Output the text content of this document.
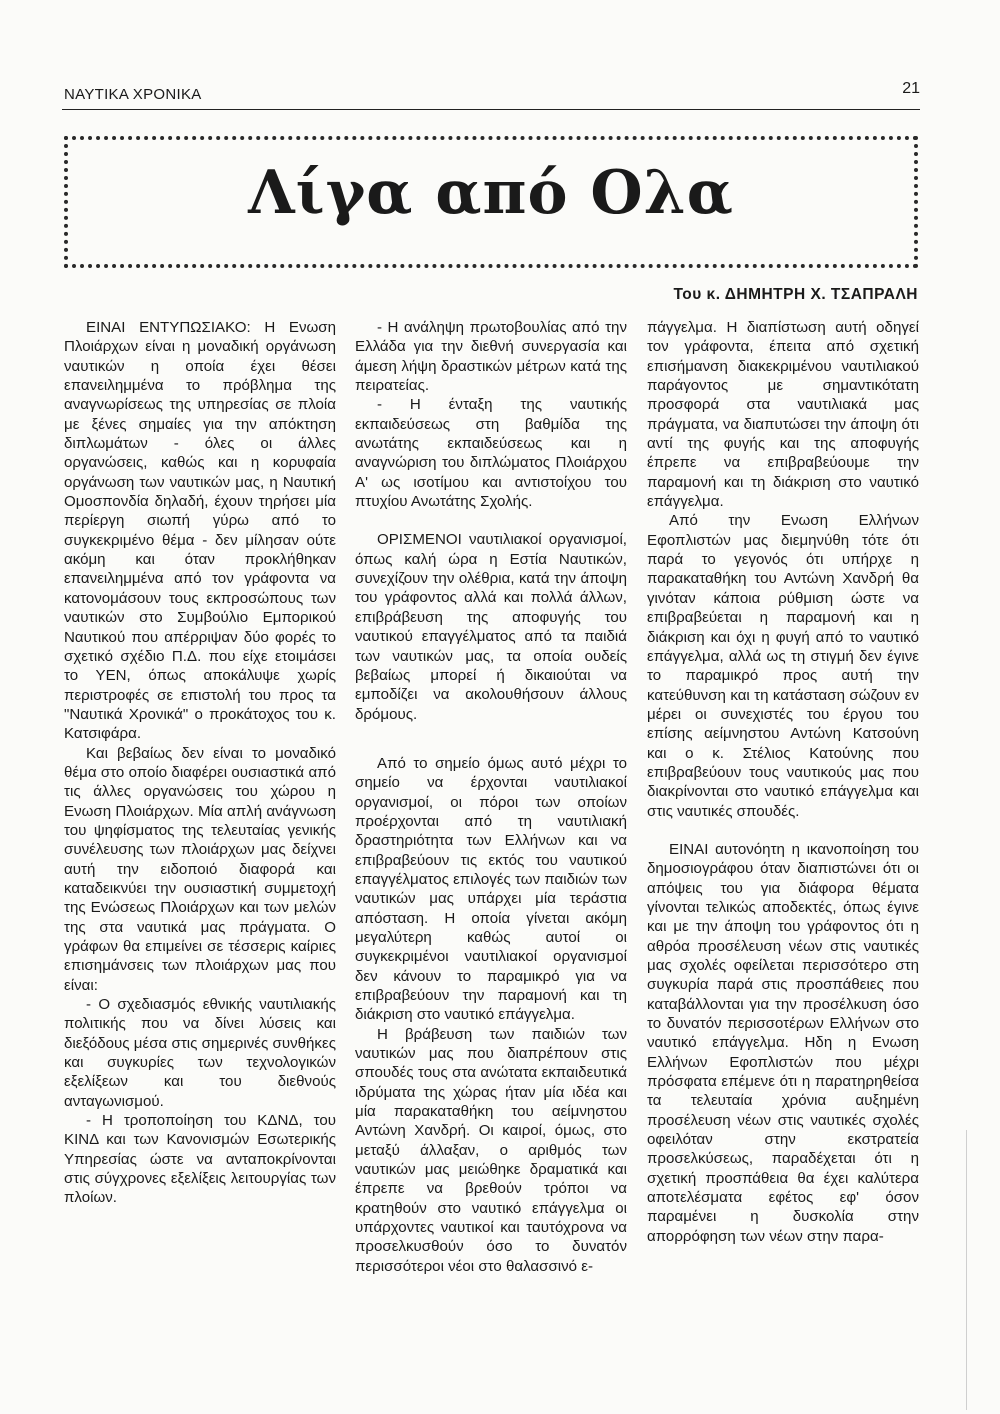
ΝΑΥΤΙΚΑ ΧΡΟΝΙΚΑ	21
Λίγα από Ολα
Του κ. ΔΗΜΗΤΡΗ Χ. ΤΣΑΠΡΑΛΗ

ΕΙΝΑΙ ΕΝΤΥΠΩΣΙΑΚΟ: Η Ενωση Πλοιάρχων είναι η μοναδική οργάνωση ναυτικών η οποία έχει θέσει επανειλημμένα το πρόβλημα της αναγνωρίσεως της υπηρεσίας σε πλοία με ξένες σημαίες για την απόκτηση διπλωμάτων - όλες οι άλλες οργανώσεις, καθώς και η κορυφαία οργάνωση των ναυτικών μας, η Ναυτική Ομοσπονδία δηλαδή, έχουν τηρήσει μία περίεργη σιωπή γύρω από το συγκεκριμένο θέμα - δεν μίλησαν ούτε ακόμη και όταν προκλήθηκαν επανειλημμένα από τον γράφοντα να κατονομάσουν τους εκπροσώπους των ναυτικών στο Συμβούλιο Εμπορικού Ναυτικού που απέρριψαν δύο φορές το σχετικό σχέδιο Π.Δ. που είχε ετοιμάσει το ΥΕΝ, όπως αποκάλυψε χωρίς περιστροφές σε επιστολή του προς τα "Ναυτικά Χρονικά" ο προκάτοχος του κ. Κατσιφάρα.

Και βεβαίως δεν είναι το μοναδικό θέμα στο οποίο διαφέρει ουσιαστικά από τις άλλες οργανώσεις του χώρου η Ενωση Πλοιάρχων. Μία απλή ανάγνωση του ψηφίσματος της τελευταίας γενικής συνέλευσης των πλοιάρχων μας δείχνει αυτή την ειδοποιό διαφορά και καταδεικνύει την ουσιαστική συμμετοχή της Ενώσεως Πλοιάρχων και των μελών της στα ναυτικά μας πράγματα. Ο γράφων θα επιμείνει σε τέσσερις καίριες επισημάνσεις των πλοιάρχων μας που είναι:

- Ο σχεδιασμός εθνικής ναυτιλιακής πολιτικής που να δίνει λύσεις και διεξόδους μέσα στις σημερινές συνθήκες και συγκυρίες των τεχνολογικών εξελίξεων και του διεθνούς ανταγωνισμού.

- Η τροποποίηση του ΚΔΝΔ, του ΚΙΝΔ και των Κανονισμών Εσωτερικής Υπηρεσίας ώστε να ανταποκρίνονται στις σύγχρονες εξελίξεις λειτουργίας των πλοίων.

- Η ανάληψη πρωτοβουλίας από την Ελλάδα για την διεθνή συνεργασία και άμεση λήψη δραστικών μέτρων κατά της πειρατείας.

- Η ένταξη της ναυτικής εκπαιδεύσεως στη βαθμίδα της ανωτάτης εκπαιδεύσεως και η αναγνώριση του διπλώματος Πλοιάρχου Α' ως ισοτίμου και αντιστοίχου του πτυχίου Ανωτάτης Σχολής.

ΟΡΙΣΜΕΝΟΙ ναυτιλιακοί οργανισμοί, όπως καλή ώρα η Εστία Ναυτικών, συνεχίζουν την ολέθρια, κατά την άποψη του γράφοντος αλλά και πολλά άλλων, επιβράβευση της αποφυγής του ναυτικού επαγγέλματος από τα παιδιά των ναυτικών μας, τα οποία ουδείς βεβαίως μπορεί ή δικαιούται να εμποδίζει να ακολουθήσουν άλλους δρόμους.

Από το σημείο όμως αυτό μέχρι το σημείο να έρχονται ναυτιλιακοί οργανισμοί, οι πόροι των οποίων προέρχονται από τη ναυτιλιακή δραστηριότητα των Ελλήνων και να επιβραβεύουν τις εκτός του ναυτικού επαγγέλματος επιλογές των παιδιών των ναυτικών μας υπάρχει μία τεράστια απόσταση. Η οποία γίνεται ακόμη μεγαλύτερη καθώς αυτοί οι συγκεκριμένοι ναυτιλιακοί οργανισμοί δεν κάνουν το παραμικρό για να επιβραβεύουν την παραμονή και τη διάκριση στο ναυτικό επάγγελμα.

Η βράβευση των παιδιών των ναυτικών μας που διαπρέπουν στις σπουδές τους στα ανώτατα εκπαιδευτικά ιδρύματα της χώρας ήταν μία ιδέα και μία παρακαταθήκη του αείμνηστου Αντώνη Χανδρή. Οι καιροί, όμως, στο μεταξύ άλλαξαν, ο αριθμός των ναυτικών μας μειώθηκε δραματικά και έπρεπε να βρεθούν τρόποι να κρατηθούν στο ναυτικό επάγγελμα οι υπάρχοντες ναυτικοί και ταυτόχρονα να προσελκυσθούν όσο το δυνατόν περισσότεροι νέοι στο θαλασσινό ε-

πάγγελμα. Η διαπίστωση αυτή οδηγεί τον γράφοντα, έπειτα από σχετική επισήμανση διακεκριμένου ναυτιλιακού παράγοντος με σημαντικότατη προσφορά στα ναυτιλιακά μας πράγματα, να διαπυτώσει την άποψη ότι αντί της φυγής και της αποφυγής έπρεπε να επιβραβεύουμε την παραμονή και τη διάκριση στο ναυτικό επάγγελμα.

Από την Ενωση Ελλήνων Εφοπλιστών μας διεμηνύθη τότε ότι παρά το γεγονός ότι υπήρχε η παρακαταθήκη του Αντώνη Χανδρή θα γινόταν κάποια ρύθμιση ώστε να επιβραβεύεται η παραμονή και η διάκριση και όχι η φυγή από το ναυτικό επάγγελμα, αλλά ως τη στιγμή δεν έγινε το παραμικρό προς αυτή την κατεύθυνση και τη κατάσταση σώζουν εν μέρει οι συνεχιστές του έργου του επίσης αείμνηστου Αντώνη Κατσούνη και ο κ. Στέλιος Κατούνης που επιβραβεύουν τους ναυτικούς μας που διακρίνονται στο ναυτικό επάγγελμα και στις ναυτικές σπουδές.

ΕΙΝΑΙ αυτονόητη η ικανοποίηση του δημοσιογράφου όταν διαπιστώνει ότι οι απόψεις του για διάφορα θέματα γίνονται τελικώς αποδεκτές, όπως έγινε και με την άποψη του γράφοντος ότι η αθρόα προσέλευση νέων στις ναυτικές μας σχολές οφείλεται περισσότερο στη συγκυρία παρά στις προσπάθειες που καταβάλλονται για την προσέλκυση όσο το δυνατόν περισσοτέρων Ελλήνων στο ναυτικό επάγγελμα. Ηδη η Ενωση Ελλήνων Εφοπλιστών που μέχρι πρόσφατα επέμενε ότι η παρατηρηθείσα τα τελευταία χρόνια αυξημένη προσέλευση νέων στις ναυτικές σχολές οφειλόταν στην εκστρατεία προσελκύσεως, παραδέχεται ότι η σχετική προσπάθεια θα έχει καλύτερα αποτελέσματα εφέτος εφ' όσον παραμένει η δυσκολία στην απορρόφηση των νέων στην παρα-
